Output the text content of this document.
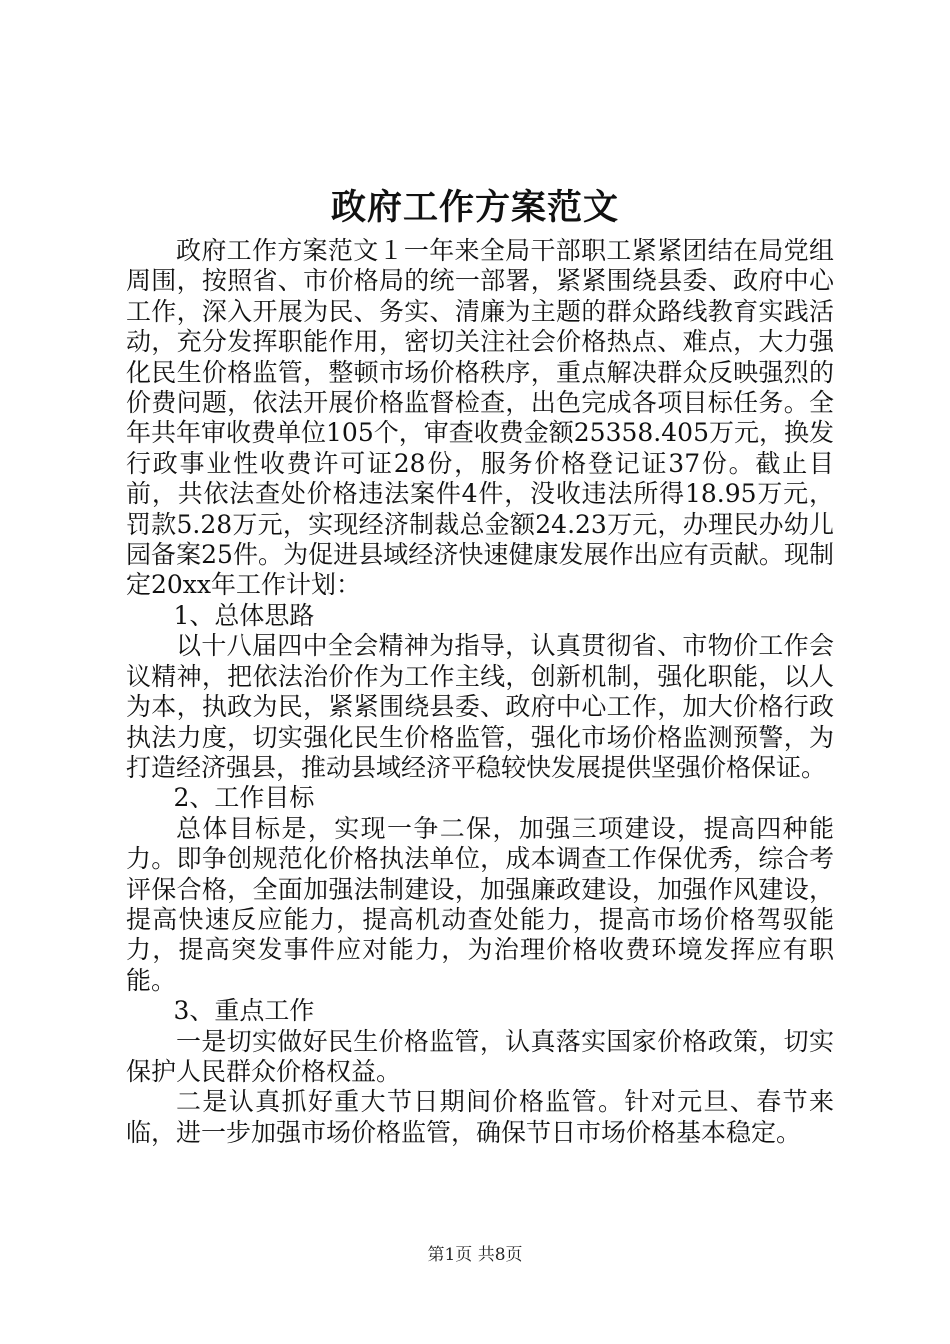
政府工作方案范文

政府工作方案范文１一年来全局干部职工紧紧团结在局党组周围，按照省、市价格局的统一部署，紧紧围绕县委、政府中心工作，深入开展为民、务实、清廉为主题的群众路线教育实践活动，充分发挥职能作用，密切关注社会价格热点、难点，大力强化民生价格监管，整顿市场价格秩序，重点解决群众反映强烈的价费问题，依法开展价格监督检查，出色完成各项目标任务。全年共年审收费单位105个，审查收费金额25358.405万元，换发行政事业性收费许可证28份，服务价格登记证37份。截止目前，共依法查处价格违法案件4件，没收违法所得18.95万元，罚款5.28万元，实现经济制裁总金额24.23万元，办理民办幼儿园备案25件。为促进县域经济快速健康发展作出应有贡献。现制定20xx年工作计划：

1、总体思路

以十八届四中全会精神为指导，认真贯彻省、市物价工作会议精神，把依法治价作为工作主线，创新机制，强化职能，以人为本，执政为民，紧紧围绕县委、政府中心工作，加大价格行政执法力度，切实强化民生价格监管，强化市场价格监测预警，为打造经济强县，推动县域经济平稳较快发展提供坚强价格保证。

2、工作目标

总体目标是，实现一争二保，加强三项建设，提高四种能力。即争创规范化价格执法单位，成本调查工作保优秀，综合考评保合格，全面加强法制建设，加强廉政建设，加强作风建设，提高快速反应能力，提高机动查处能力，提高市场价格驾驭能力，提高突发事件应对能力，为治理价格收费环境发挥应有职能。

3、重点工作

一是切实做好民生价格监管，认真落实国家价格政策，切实保护人民群众价格权益。

二是认真抓好重大节日期间价格监管。针对元旦、春节来临，进一步加强市场价格监管，确保节日市场价格基本稳定。

第1页 共8页
